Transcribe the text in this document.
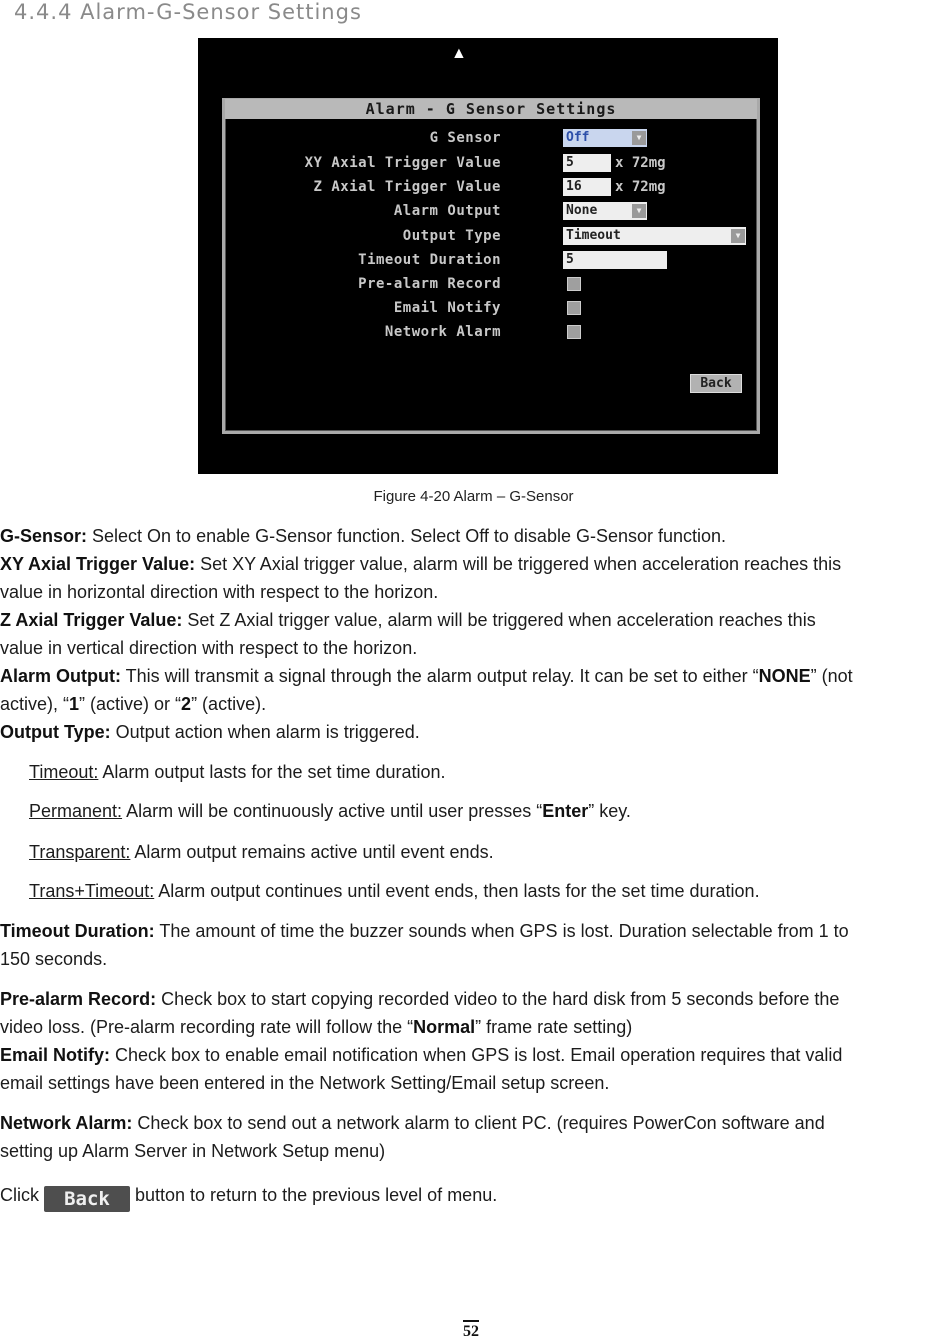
4.4.4 Alarm-G-Sensor Settings
▲
Alarm - G Sensor Settings
G Sensor	Off	▼
XY Axial Trigger Value	5	x 72mg
Z Axial Trigger Value	16	x 72mg
Alarm Output	None	▼
Output Type	Timeout	▼
Timeout Duration	5
Pre-alarm Record
Email Notify
Network Alarm
Back
Figure 4-20 Alarm – G-Sensor
G-Sensor: Select On to enable G-Sensor function. Select Off to disable G-Sensor function.
XY Axial Trigger Value: Set XY Axial trigger value, alarm will be triggered when acceleration reaches this
value in horizontal direction with respect to the horizon.
Z Axial Trigger Value: Set Z Axial trigger value, alarm will be triggered when acceleration reaches this
value in vertical direction with respect to the horizon.
Alarm Output: This will transmit a signal through the alarm output relay. It can be set to either “NONE” (not
active), “1” (active) or “2” (active).
Output Type: Output action when alarm is triggered.
Timeout: Alarm output lasts for the set time duration.
Permanent: Alarm will be continuously active until user presses “Enter” key.
Transparent: Alarm output remains active until event ends.
Trans+Timeout: Alarm output continues until event ends, then lasts for the set time duration.
Timeout Duration: The amount of time the buzzer sounds when GPS is lost. Duration selectable from 1 to
150 seconds.
Pre-alarm Record: Check box to start copying recorded video to the hard disk from 5 seconds before the
video loss. (Pre-alarm recording rate will follow the “Normal” frame rate setting)
Email Notify: Check box to enable email notification when GPS is lost. Email operation requires that valid
email settings have been entered in the Network Setting/Email setup screen.
Network Alarm: Check box to send out a network alarm to client PC. (requires PowerCon software and
setting up Alarm Server in Network Setup menu)
Click Back button to return to the previous level of menu.
52
